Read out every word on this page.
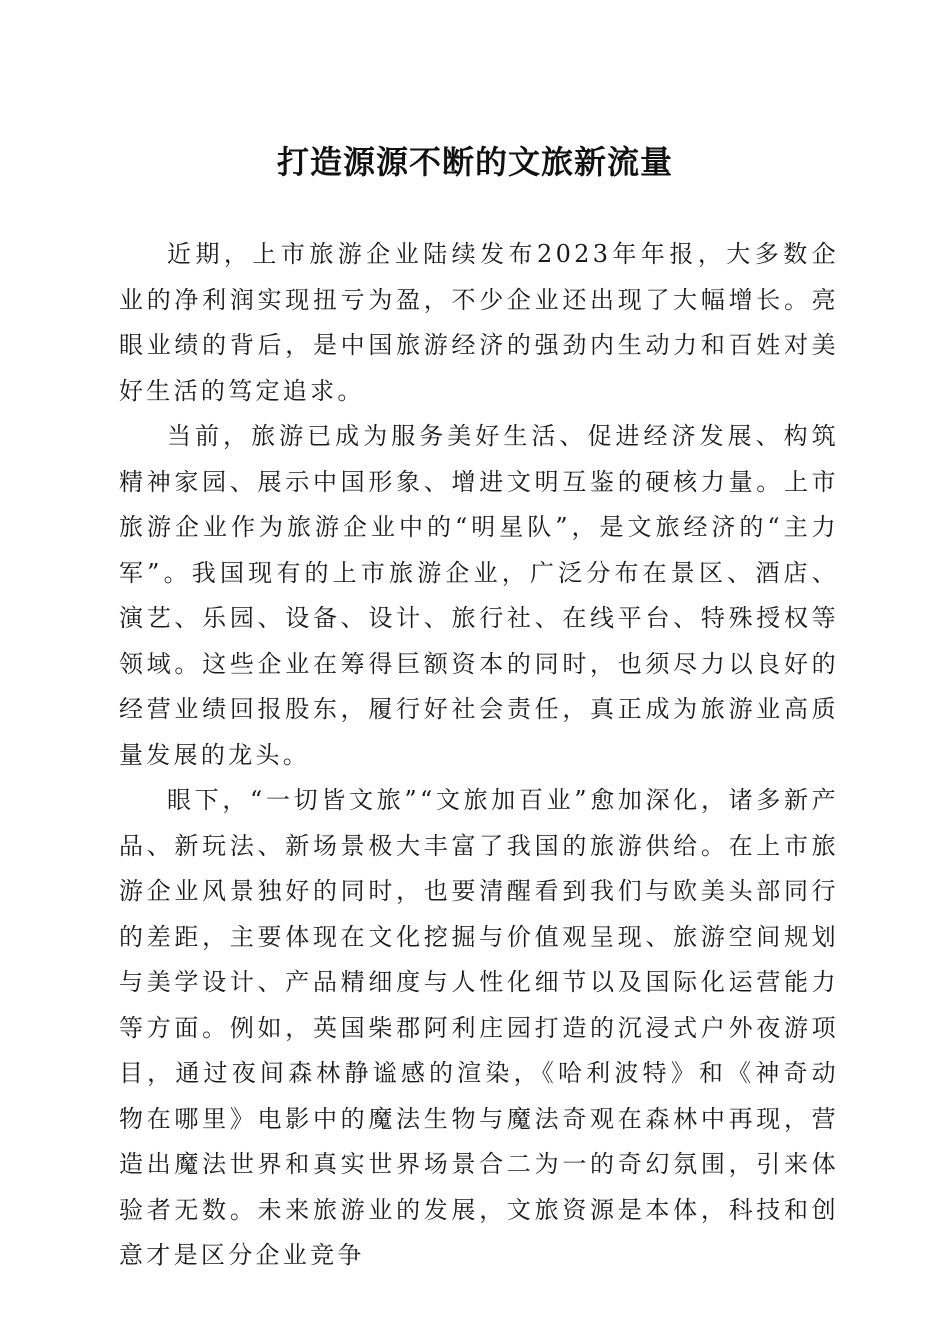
打造源源不断的文旅新流量

近期，上市旅游企业陆续发布2023年年报，大多数企业的净利润实现扭亏为盈，不少企业还出现了大幅增长。亮眼业绩的背后，是中国旅游经济的强劲内生动力和百姓对美好生活的笃定追求。

当前，旅游已成为服务美好生活、促进经济发展、构筑精神家园、展示中国形象、增进文明互鉴的硬核力量。上市旅游企业作为旅游企业中的“明星队”，是文旅经济的“主力军”。我国现有的上市旅游企业，广泛分布在景区、酒店、演艺、乐园、设备、设计、旅行社、在线平台、特殊授权等领域。这些企业在筹得巨额资本的同时，也须尽力以良好的经营业绩回报股东，履行好社会责任，真正成为旅游业高质量发展的龙头。

眼下，“一切皆文旅”“文旅加百业”愈加深化，诸多新产品、新玩法、新场景极大丰富了我国的旅游供给。在上市旅游企业风景独好的同时，也要清醒看到我们与欧美头部同行的差距，主要体现在文化挖掘与价值观呈现、旅游空间规划与美学设计、产品精细度与人性化细节以及国际化运营能力等方面。例如，英国柴郡阿利庄园打造的沉浸式户外夜游项目，通过夜间森林静谧感的渲染，《哈利波特》和《神奇动物在哪里》电影中的魔法生物与魔法奇观在森林中再现，营造出魔法世界和真实世界场景合二为一的奇幻氛围，引来体验者无数。未来旅游业的发展，文旅资源是本体，科技和创意才是区分企业竞争
